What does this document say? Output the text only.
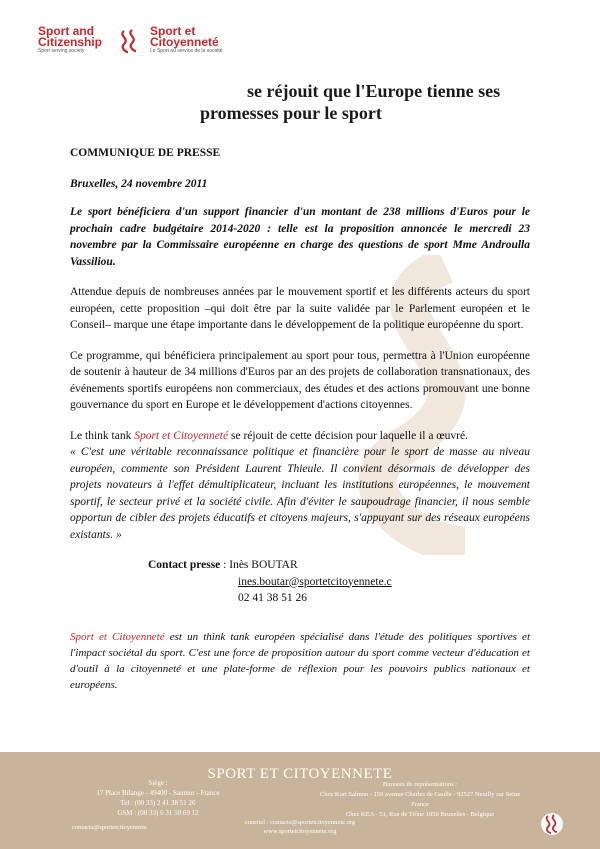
Sport and
Citizenship
Sport serving society
Sport et
Citoyenneté
Le Sport au service de la société
se réjouit que l'Europe tienne ses
promesses pour le sport
COMMUNIQUE DE PRESSE
Bruxelles, 24 novembre 2011

Le sport bénéficiera d'un support financier d'un montant de 238 millions d'Euros pour le prochain cadre budgétaire 2014-2020 : telle est la proposition annoncée le mercredi 23 novembre par la Commissaire européenne en charge des questions de sport Mme Androulla Vassiliou.

Attendue depuis de nombreuses années par le mouvement sportif et les différents acteurs du sport européen, cette proposition –qui doit être par la suite validée par le Parlement européen et le Conseil– marque une étape importante dans le développement de la politique européenne du sport.

Ce programme, qui bénéficiera principalement au sport pour tous, permettra à l'Union européenne de soutenir à hauteur de 34 millions d'Euros par an des projets de collaboration transnationaux, des événements sportifs européens non commerciaux, des études et des actions promouvant une bonne gouvernance du sport en Europe et le développement d'actions citoyennes.

Le think tank Sport et Citoyenneté se réjouit de cette décision pour laquelle il a œuvré.

« C'est une véritable reconnaissance politique et financière pour le sport de masse au niveau européen, commente son Président Laurent Thieule. Il convient désormais de développer des projets novateurs à l'effet démultiplicateur, incluant les institutions européennes, le mouvement sportif, le secteur privé et la société civile. Afin d'éviter le saupoudrage financier, il nous semble opportun de cibler des projets éducatifs et citoyens majeurs, s'appuyant sur des réseaux européens existants. »

Contact presse : Inès BOUTAR
ines.boutar@sportetcitoyennete.c
02 41 38 51 26

Sport et Citoyenneté est un think tank européen spécialisé dans l'étude des politiques sportives et l'impact sociétal du sport. C'est une force de proposition autour du sport comme vecteur d'éducation et d'outil à la citoyenneté et une plate-forme de réflexion pour les pouvoirs publics nationaux et européens.

SPORT ET CITOYENNETE
Siège :
17 Place Bilange - 49400 - Saumur - France
Tel : (00 33) 2 41 38 51 26
GSM : (00 33) 6 31 50 69 12
Bureaux de représentations :
Chez Kurt Salmon - 159 avenue Charles de Gaulle - 92527 Neuilly sur Seine France
Chez KEA - 51, Rue de Trône 1050 Bruxelles - Belgique
courriel : contacts@sportetcitoyennete.org
www.sportetcitoyennete.org
contacts@sportetcitoyennete
